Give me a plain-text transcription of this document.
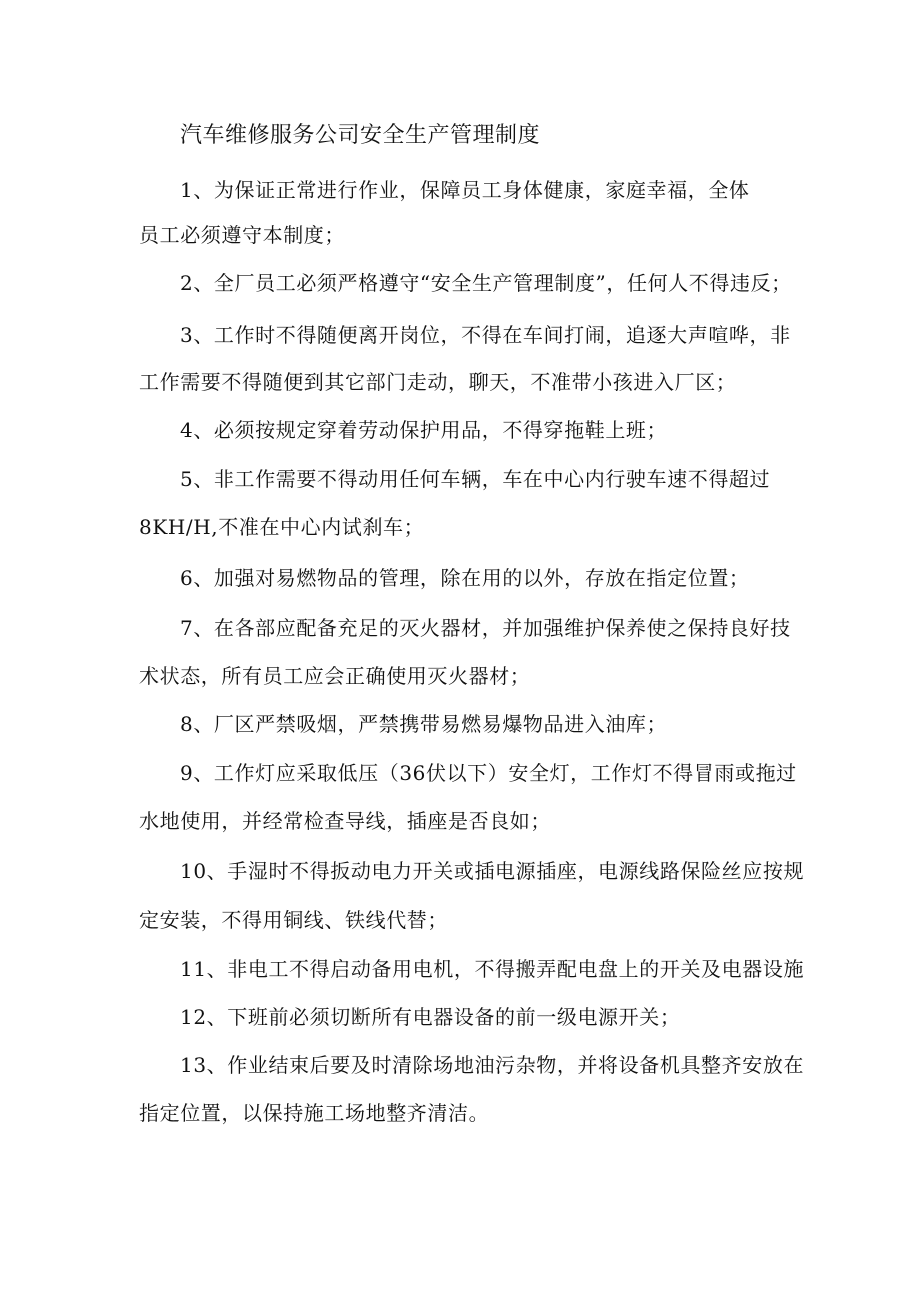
汽车维修服务公司安全生产管理制度
1、为保证正常进行作业，保障员工身体健康，家庭幸福，全体
员工必须遵守本制度；
2、全厂员工必须严格遵守“安全生产管理制度”，任何人不得违反；
3、工作时不得随便离开岗位，不得在车间打闹，追逐大声喧哗，非
工作需要不得随便到其它部门走动，聊天，不准带小孩进入厂区；
4、必须按规定穿着劳动保护用品，不得穿拖鞋上班；
5、非工作需要不得动用任何车辆，车在中心内行驶车速不得超过
8KH/H,不准在中心内试刹车；
6、加强对易燃物品的管理，除在用的以外，存放在指定位置；
7、在各部应配备充足的灭火器材，并加强维护保养使之保持良好技
术状态，所有员工应会正确使用灭火器材；
8、厂区严禁吸烟，严禁携带易燃易爆物品进入油库；
9、工作灯应采取低压（36伏以下）安全灯，工作灯不得冒雨或拖过
水地使用，并经常检查导线，插座是否良如；
10、手湿时不得扳动电力开关或插电源插座，电源线路保险丝应按规
定安装，不得用铜线、铁线代替；
11、非电工不得启动备用电机，不得搬弄配电盘上的开关及电器设施
12、下班前必须切断所有电器设备的前一级电源开关；
13、作业结束后要及时清除场地油污杂物，并将设备机具整齐安放在
指定位置，以保持施工场地整齐清洁。
